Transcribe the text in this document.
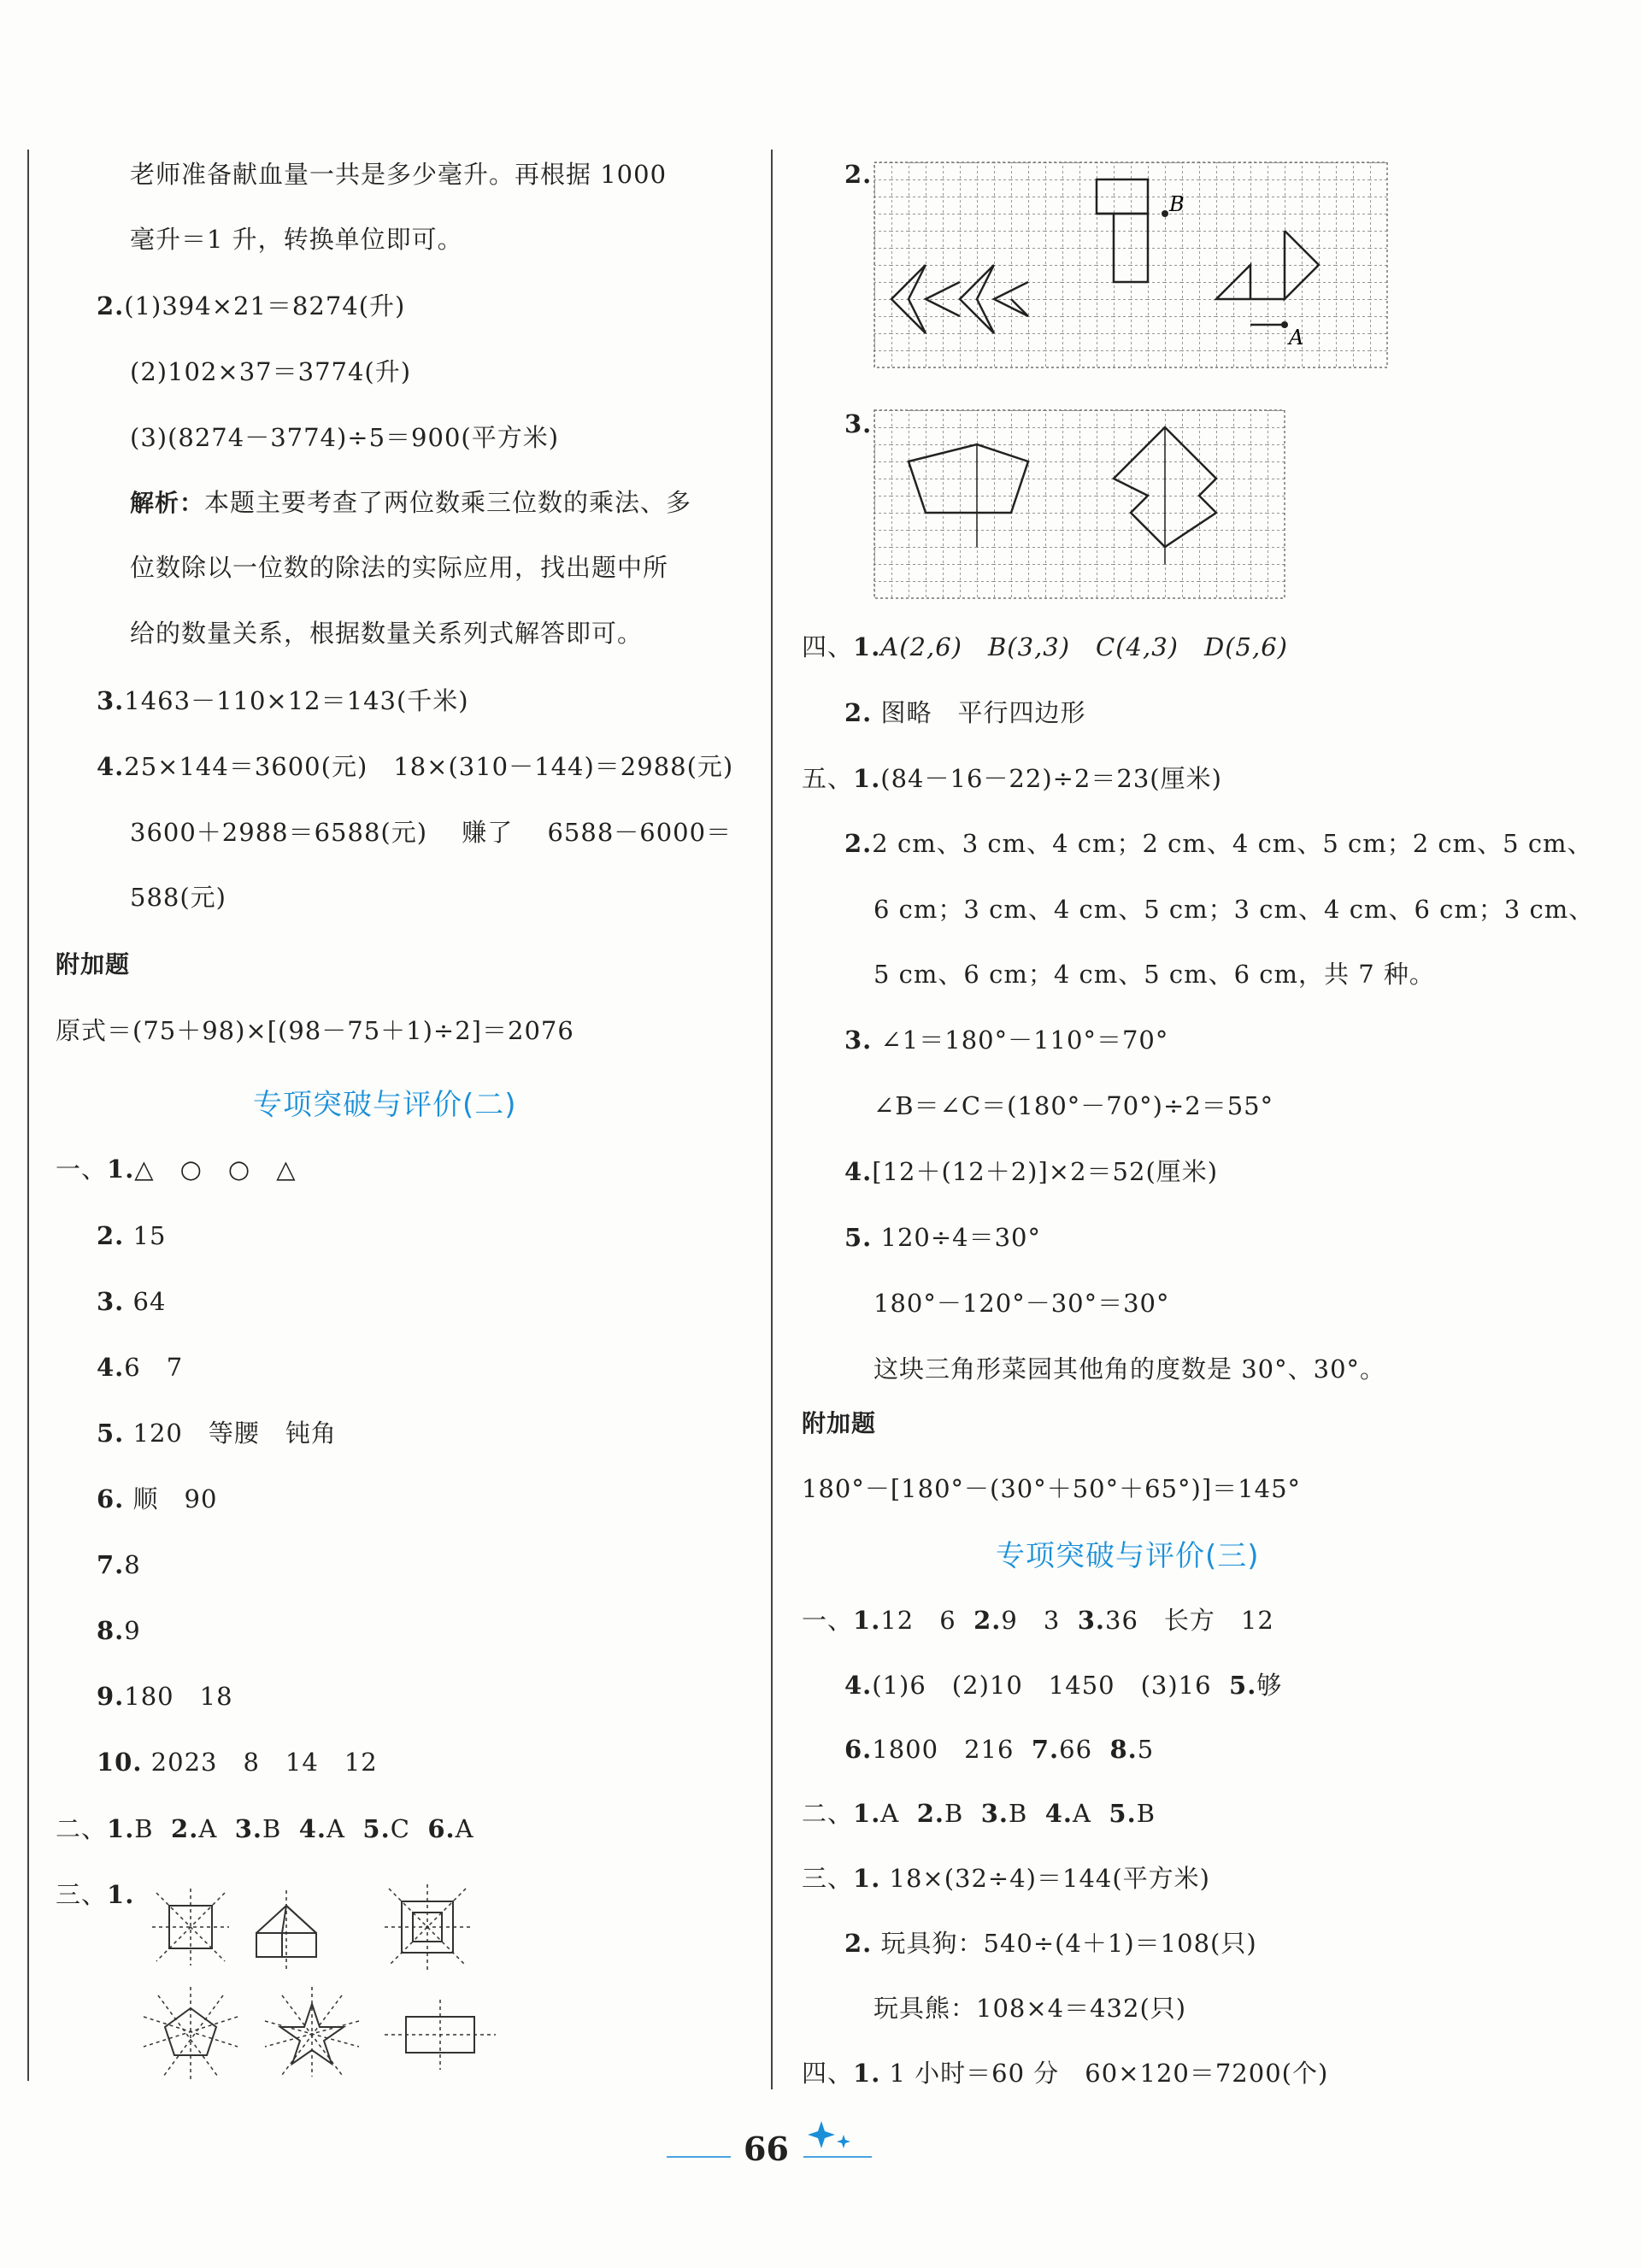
老师准备献血量一共是多少毫升。再根据 1000
毫升＝1 升，转换单位即可。
2.(1)394×21＝8274(升)
(2)102×37＝3774(升)
(3)(8274－3774)÷5＝900(平方米)
解析：本题主要考查了两位数乘三位数的乘法、多
位数除以一位数的除法的实际应用，找出题中所
给的数量关系，根据数量关系列式解答即可。
3.1463－110×12＝143(千米)
4.25×144＝3600(元)　18×(310－144)＝2988(元)
3600＋2988＝6588(元)　 赚了 　6588－6000＝
588(元)
附加题
原式＝(75＋98)×[(98－75＋1)÷2]＝2076
专项突破与评价(二)
一、1.△　○　○　△
2. 15
3. 64
4.6　7
5. 120　等腰　钝角
6. 顺　90
7.8
8.9
9.180　18
10. 2023　8　14　12
二、1.B 2.A 3.B 4.A 5.C 6.A
三、1.
2.
B
A
3.
四、1.A(2,6)　B(3,3)　C(4,3)　D(5,6)
2. 图略　平行四边形
五、1.(84－16－22)÷2＝23(厘米)
2.2 cm、3 cm、4 cm；2 cm、4 cm、5 cm；2 cm、5 cm、
6 cm；3 cm、4 cm、5 cm；3 cm、4 cm、6 cm；3 cm、
5 cm、6 cm；4 cm、5 cm、6 cm，共 7 种。
3. ∠1＝180°－110°＝70°
∠B＝∠C＝(180°－70°)÷2＝55°
4.[12＋(12＋2)]×2＝52(厘米)
5. 120÷4＝30°
180°－120°－30°＝30°
这块三角形菜园其他角的度数是 30°、30°。
附加题
180°－[180°－(30°＋50°＋65°)]＝145°
专项突破与评价(三)
一、1.12　6 2.9　3 3.36　长方　12
4.(1)6　(2)10　1450　(3)16 5.够
6.1800　216 7.66 8.5
二、1.A 2.B 3.B 4.A 5.B
三、1. 18×(32÷4)＝144(平方米)
2. 玩具狗：540÷(4＋1)＝108(只)
玩具熊：108×4＝432(只)
四、1. 1 小时＝60 分　60×120＝7200(个)
66
